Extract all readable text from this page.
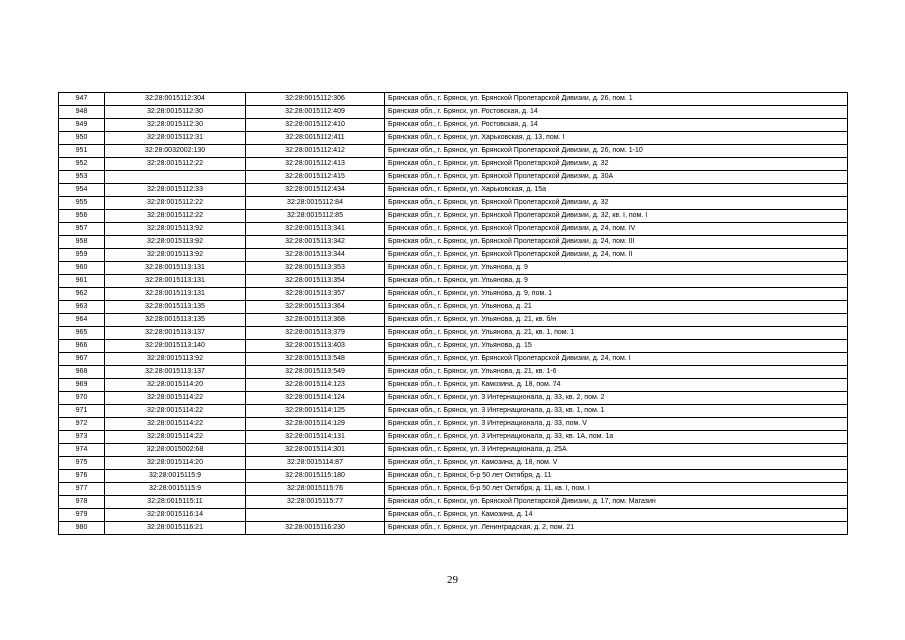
947	32:28:0015112:304	32:28:0015112:306	Брянская обл., г. Брянск, ул. Брянской Пролетарской Дивизии, д. 26, пом. 1
948	32:28:0015112:30	32:28:0015112:409	Брянская обл., г. Брянск, ул. Ростовская, д. 14
949	32:28:0015112:30	32:28:0015112:410	Брянская обл., г. Брянск, ул. Ростовская, д. 14
950	32:28:0015112:31	32:28:0015112:411	Брянская обл., г. Брянск, ул. Харьковская, д. 13, пом. I
951	32:28:0032002:130	32:28:0015112:412	Брянская обл., г. Брянск, ул. Брянской Пролетарской Дивизии, д. 26, пом. 1-10
952	32:28:0015112:22	32:28:0015112:413	Брянская обл., г. Брянск, ул. Брянской Пролетарской Дивизии, д. 32
953		32:28:0015112:415	Брянская обл., г. Брянск, ул. Брянской Пролетарской Дивизии, д. 30А
954	32:28:0015112:33	32:28:0015112:434	Брянская обл., г. Брянск, ул. Харьковская, д. 15а
955	32:28:0015112:22	32:28:0015112:84	Брянская обл., г. Брянск, ул. Брянской Пролетарской Дивизии, д. 32
956	32:28:0015112:22	32:28:0015112:85	Брянская обл., г. Брянск, ул. Брянской Пролетарской Дивизии, д. 32, кв. I, пом. I
957	32:28:0015113:92	32:28:0015113:341	Брянская обл., г. Брянск, ул. Брянской Пролетарской Дивизии, д. 24, пом. IV
958	32:28:0015113:92	32:28:0015113:342	Брянская обл., г. Брянск, ул. Брянской Пролетарской Дивизии, д. 24, пом. III
959	32:28:0015113:92	32:28:0015113:344	Брянская обл., г. Брянск, ул. Брянской Пролетарской Дивизии, д. 24, пом. II
960	32:28:0015113:131	32:28:0015113:353	Брянская обл., г. Брянск, ул. Ульянова, д. 9
961	32:28:0015113:131	32:28:0015113:354	Брянская обл., г. Брянск, ул. Ульянова, д. 9
962	32:28:0015113:131	32:28:0015113:357	Брянская обл., г. Брянск, ул. Ульянова, д. 9, пом. 1
963	32:28:0015113:135	32:28:0015113:364	Брянская обл., г. Брянск, ул. Ульянова, д. 21
964	32:28:0015113:135	32:28:0015113:368	Брянская обл., г. Брянск, ул. Ульянова, д. 21, кв. б/н
965	32:28:0015113:137	32:28:0015113:379	Брянская обл., г. Брянск, ул. Ульянова, д. 21, кв. 1, пом. 1
966	32:28:0015113:140	32:28:0015113:403	Брянская обл., г. Брянск, ул. Ульянова, д. 15
967	32:28:0015113:92	32:28:0015113:548	Брянская обл., г. Брянск, ул. Брянской Пролетарской Дивизии, д. 24, пом. I
968	32:28:0015113:137	32:28:0015113:549	Брянская обл., г. Брянск, ул. Ульянова, д. 21, кв. 1-6
969	32:28:0015114:20	32:28:0015114:123	Брянская обл., г. Брянск, ул. Камозина, д. 18, пом. 74
970	32:28:0015114:22	32:28:0015114:124	Брянская обл., г. Брянск, ул. 3 Интернационала, д. 33, кв. 2, пом. 2
971	32:28:0015114:22	32:28:0015114:125	Брянская обл., г. Брянск, ул. 3 Интернационала, д. 33, кв. 1, пом. 1
972	32:28:0015114:22	32:28:0015114:129	Брянская обл., г. Брянск, ул. 3 Интернационала, д. 33, пом. V
973	32:28:0015114:22	32:28:0015114:131	Брянская обл., г. Брянск, ул. 3 Интернационала, д. 33, кв. 1А, пом. 1а
974	32:28:0015002:68	32:28:0015114:301	Брянская обл., г. Брянск, ул. 3 Интернационала, д. 25А
975	32:28:0015114:20	32:28:0015114:87	Брянская обл., г. Брянск, ул. Камозина, д. 18, пом. V
976	32:28:0015115:9	32:28:0015115:180	Брянская обл., г. Брянск, б-р 50 лет Октября, д. 11
977	32:28:0015115:9	32:28:0015115:76	Брянская обл., г. Брянск, б-р 50 лет Октября, д. 11, кв. I, пом. I
978	32:28:0015115:11	32:28:0015115:77	Брянская обл., г. Брянск, ул. Брянской Пролетарской Дивизии, д. 17, пом. Магазин
979	32:28:0015116:14		Брянская обл., г. Брянск, ул. Камозина, д. 14
980	32:28:0015116:21	32:28:0015116:230	Брянская обл., г. Брянск, ул. Ленинградская, д. 2, пом. 21
29
